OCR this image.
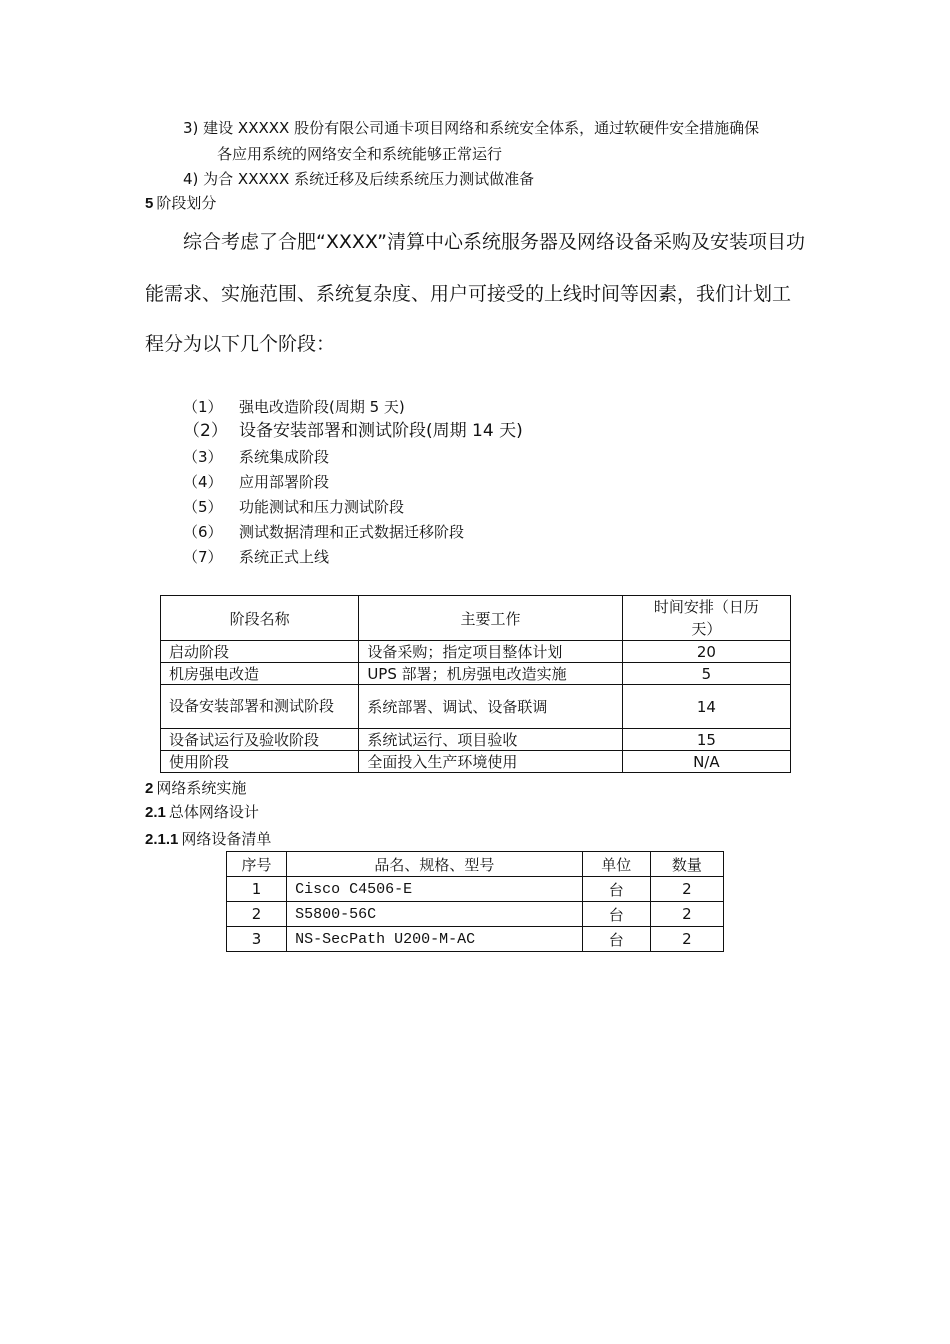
3) 建设 XXXXX 股份有限公司通卡项目网络和系统安全体系，通过软硬件安全措施确保
各应用系统的网络安全和系统能够正常运行
4) 为合 XXXXX 系统迁移及后续系统压力测试做准备
5 阶段划分
综合考虑了合肥“XXXX”清算中心系统服务器及网络设备采购及安装项目功
能需求、实施范围、系统复杂度、用户可接受的上线时间等因素，我们计划工
程分为以下几个阶段：
（1） 强电改造阶段(周期 5 天)
（2） 设备安装部署和测试阶段(周期 14 天)
（3） 系统集成阶段
（4） 应用部署阶段
（5） 功能测试和压力测试阶段
（6） 测试数据清理和正式数据迁移阶段
（7） 系统正式上线
阶段名称	主要工作	时间安排（日历天）
启动阶段	设备采购；指定项目整体计划	20
机房强电改造	UPS 部署；机房强电改造实施	5
设备安装部署和测试阶段	系统部署、调试、设备联调	14
设备试运行及验收阶段	系统试运行、项目验收	15
使用阶段	全面投入生产环境使用	N/A
2 网络系统实施
2.1 总体网络设计
2.1.1 网络设备清单
序号	品名、规格、型号	单位	数量
1	Cisco C4506-E	台	2
2	S5800-56C	台	2
3	NS-SecPath U200-M-AC	台	2
